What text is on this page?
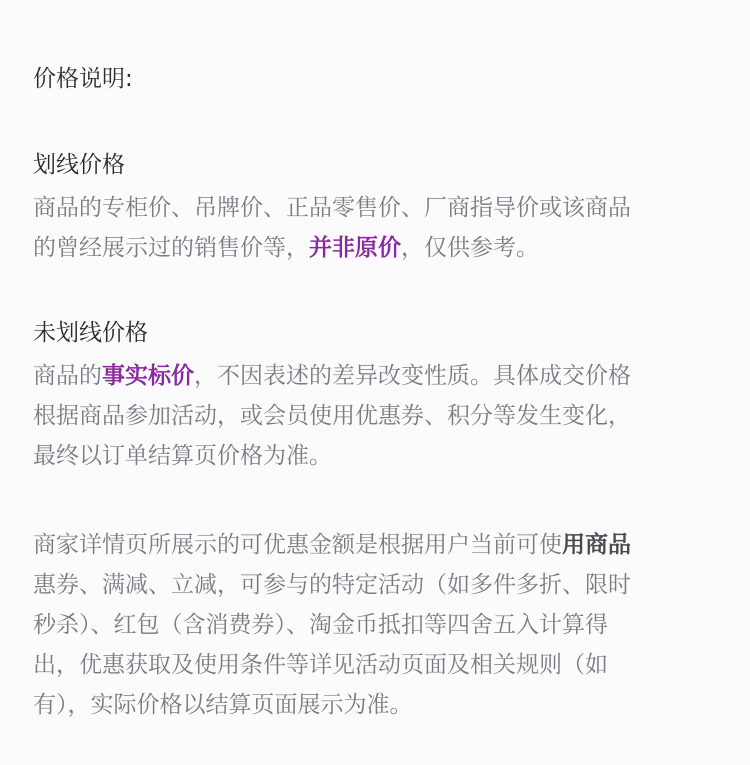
价格说明:
划线价格
商品的专柜价、吊牌价、正品零售价、厂商指导价或该商品
的曾经展示过的销售价等，并非原价，仅供参考。
未划线价格
商品的事实标价，不因表述的差异改变性质。具体成交价格
根据商品参加活动，或会员使用优惠券、积分等发生变化，
最终以订单结算页价格为准。
商家详情页所展示的可优惠金额是根据用户当前可使用商品
惠券、满减、立减，可参与的特定活动（如多件多折、限时
秒杀）、红包（含消费券）、淘金币抵扣等四舍五入计算得
出，优惠获取及使用条件等详见活动页面及相关规则（如
有），实际价格以结算页面展示为准。
